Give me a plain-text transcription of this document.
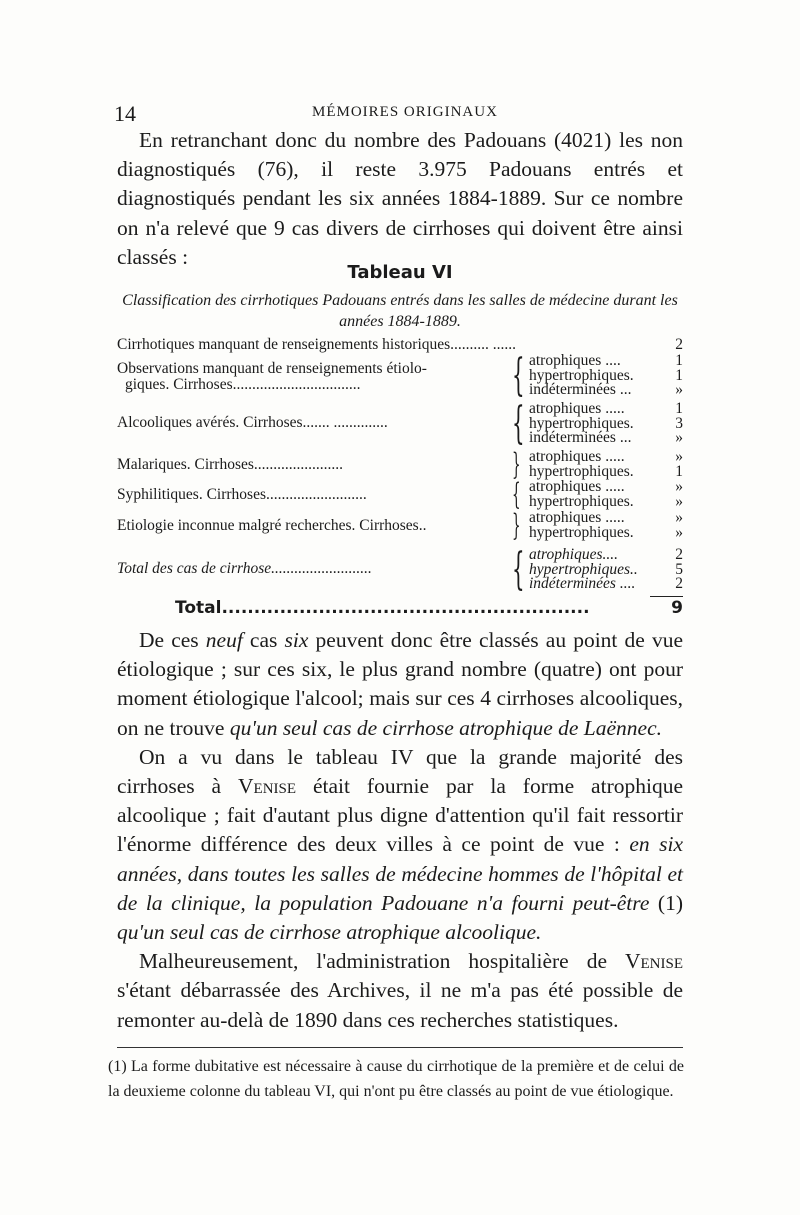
14	MÉMOIRES ORIGINAUX

En retranchant donc du nombre des Padouans (4021) les non diagnostiqués (76), il reste 3.975 Padouans entrés et diagnostiqués pendant les six années 1884-1889. Sur ce nombre on n'a relevé que 9 cas divers de cirrhoses qui doivent être ainsi classés :

Tableau VI
Classification des cirrhotiques Padouans entrés dans les salles de médecine durant les années 1884-1889.
Cirrhotiques manquant de renseignements historiques.......... ......	2
Observations manquant de renseignements étiolo-
giques. Cirrhoses.................................	{ atrophiques ....	1
hypertrophiques.	1
indéterminées ...	»
Alcooliques avérés. Cirrhoses....... ..............	{ atrophiques .....	1
hypertrophiques.	3
indéterminées ...	»
Malariques. Cirrhoses.......................	} atrophiques .....	»
hypertrophiques.	1
Syphilitiques. Cirrhoses..........................	{ atrophiques .....	»
hypertrophiques.	»
Etiologie inconnue malgré recherches. Cirrhoses..	} atrophiques .....	»
hypertrophiques.	»
Total des cas de cirrhose..........................	{ atrophiques....	2
hypertrophiques.. 5
indéterminées ....	2
Total.........................................................	9

De ces neuf cas six peuvent donc être classés au point de vue étiologique ; sur ces six, le plus grand nombre (quatre) ont pour moment étiologique l'alcool; mais sur ces 4 cirrhoses alcooliques, on ne trouve qu'un seul cas de cirrhose atrophique de Laënnec.

On a vu dans le tableau IV que la grande majorité des cirrhoses à Venise était fournie par la forme atrophique alcoolique ; fait d'autant plus digne d'attention qu'il fait ressortir l'énorme différence des deux villes à ce point de vue : en six années, dans toutes les salles de médecine hommes de l'hôpital et de la clinique, la population Padouane n'a fourni peut-être (1) qu'un seul cas de cirrhose atrophique alcoolique.

Malheureusement, l'administration hospitalière de Venise s'étant débarrassée des Archives, il ne m'a pas été possible de remonter au-delà de 1890 dans ces recherches statistiques.

(1) La forme dubitative est nécessaire à cause du cirrhotique de la première et de celui de la deuxieme colonne du tableau VI, qui n'ont pu être classés au point de vue étiologique.
